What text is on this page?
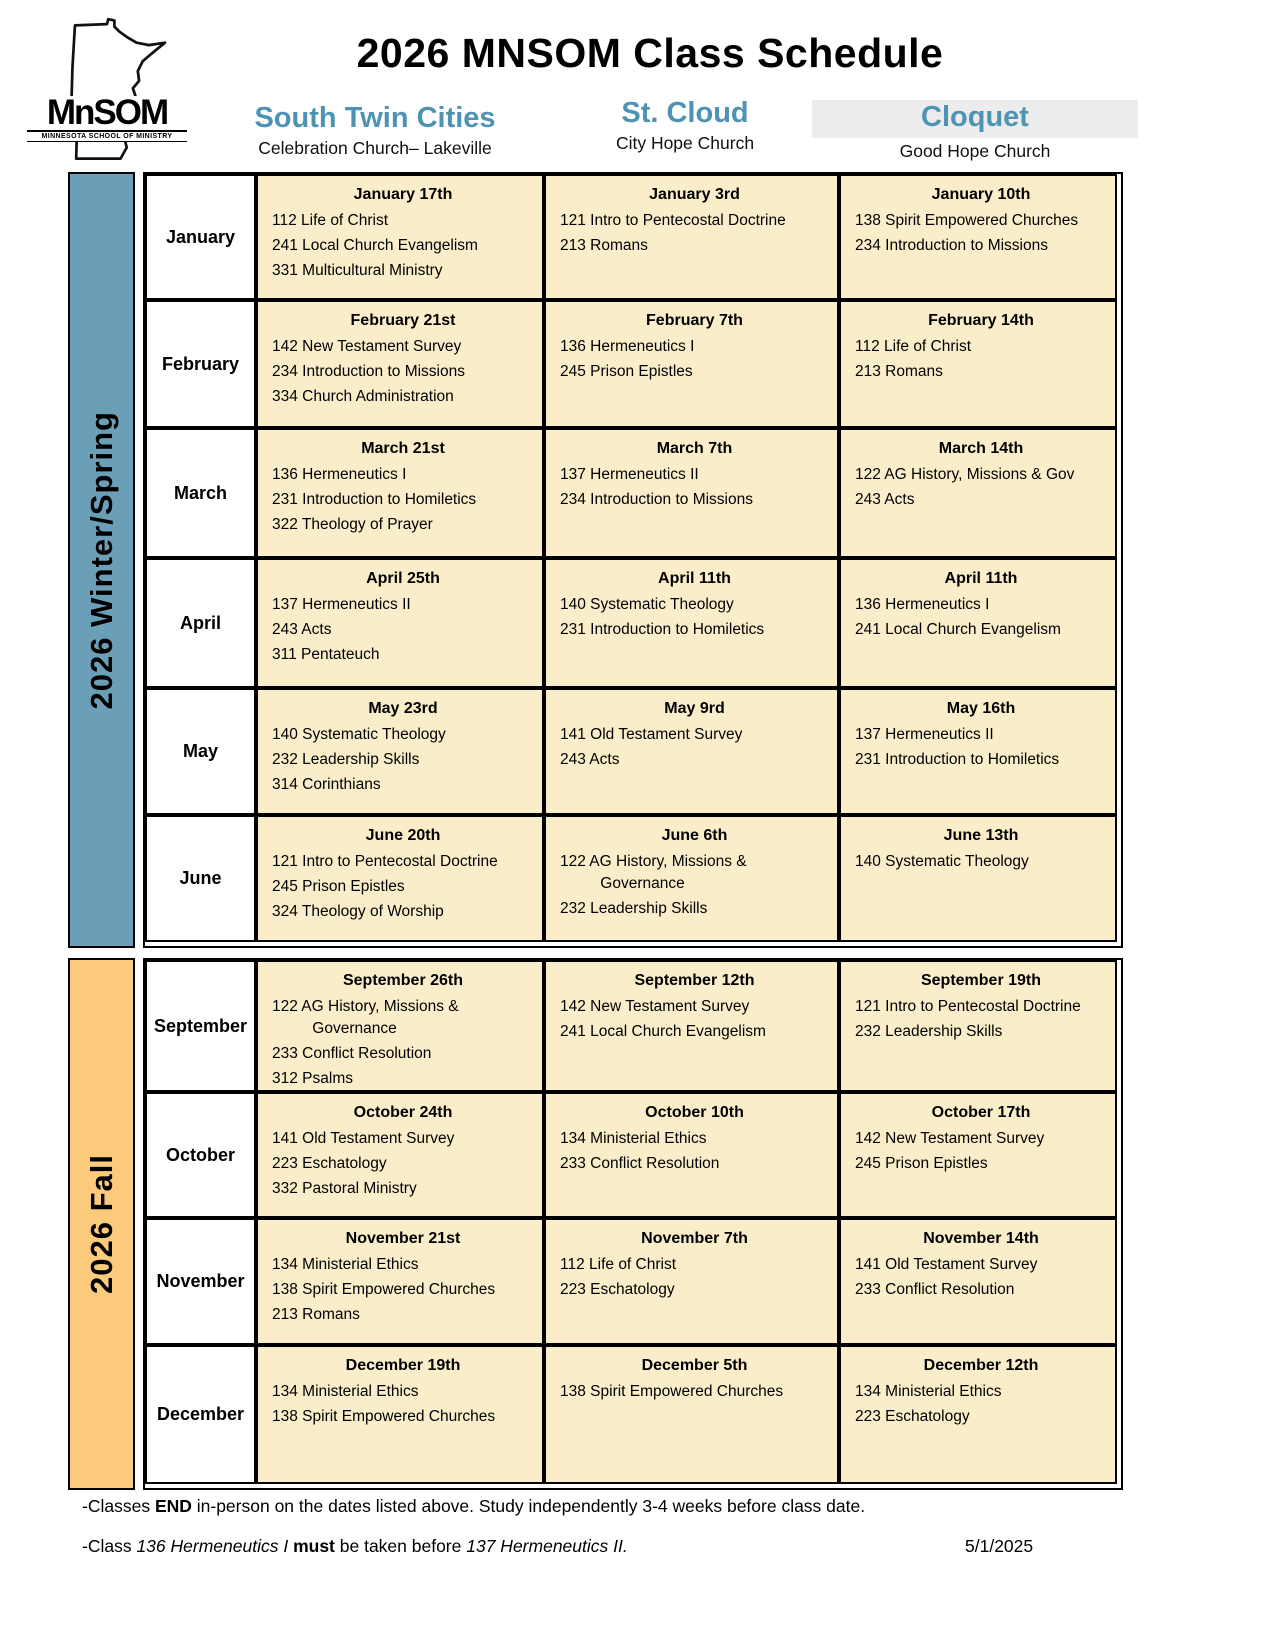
MnSOM
MINNESOTA SCHOOL OF MINISTRY
2026 MNSOM Class Schedule
South Twin Cities
Celebration Church– Lakeville
St. Cloud
City Hope Church
Cloquet
Good Hope Church
2026 Winter/Spring
January
January 17th
112 Life of Christ
241 Local Church Evangelism
331 Multicultural Ministry
January 3rd
121 Intro to Pentecostal Doctrine
213 Romans
January 10th
138 Spirit Empowered Churches
234 Introduction to Missions
February
February 21st
142 New Testament Survey
234 Introduction to Missions
334 Church Administration
February 7th
136 Hermeneutics I
245 Prison Epistles
February 14th
112 Life of Christ
213 Romans
March
March 21st
136 Hermeneutics I
231 Introduction to Homiletics
322 Theology of Prayer
March 7th
137 Hermeneutics II
234 Introduction to Missions
March 14th
122 AG History, Missions & Gov
243 Acts
April
April 25th
137 Hermeneutics II
243 Acts
311 Pentateuch
April 11th
140 Systematic Theology
231 Introduction to Homiletics
April 11th
136 Hermeneutics I
241 Local Church Evangelism
May
May 23rd
140 Systematic Theology
232 Leadership Skills
314 Corinthians
May 9rd
141 Old Testament Survey
243 Acts
May 16th
137 Hermeneutics II
231 Introduction to Homiletics
June
June 20th
121 Intro to Pentecostal Doctrine
245 Prison Epistles
324 Theology of Worship
June 6th
122 AG History, Missions & Governance
232 Leadership Skills
June 13th
140 Systematic Theology
2026 Fall
September
September 26th
122 AG History, Missions & Governance
233 Conflict Resolution
312 Psalms
September 12th
142 New Testament Survey
241 Local Church Evangelism
September 19th
121 Intro to Pentecostal Doctrine
232 Leadership Skills
October
October 24th
141 Old Testament Survey
223 Eschatology
332 Pastoral Ministry
October 10th
134 Ministerial Ethics
233 Conflict Resolution
October 17th
142 New Testament Survey
245 Prison Epistles
November
November 21st
134 Ministerial Ethics
138 Spirit Empowered Churches
213 Romans
November 7th
112 Life of Christ
223 Eschatology
November 14th
141 Old Testament Survey
233 Conflict Resolution
December
December 19th
134 Ministerial Ethics
138 Spirit Empowered Churches
December 5th
138 Spirit Empowered Churches
December 12th
134 Ministerial Ethics
223 Eschatology
-Classes END in-person on the dates listed above. Study independently 3-4 weeks before class date.
-Class 136 Hermeneutics I must be taken before 137 Hermeneutics II.	5/1/2025
